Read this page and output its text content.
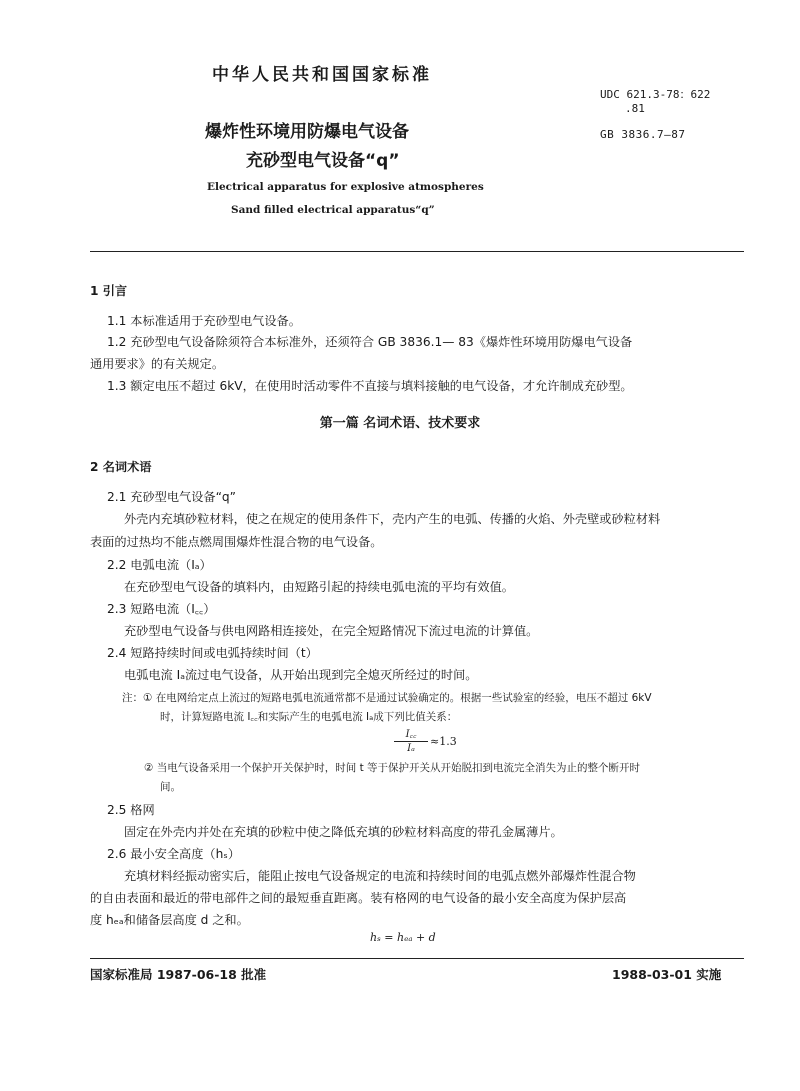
中华人民共和国国家标准
爆炸性环境用防爆电气设备
充砂型电气设备“q”
Electrical apparatus for explosive atmospheres
Sand filled electrical apparatus“q”
UDC 621.3-78：622
.81
GB 3836.7—87
1 引言
1.1 本标准适用于充砂型电气设备。
1.2 充砂型电气设备除须符合本标准外，还须符合 GB 3836.1— 83《爆炸性环境用防爆电气设备
通用要求》的有关规定。
1.3 额定电压不超过 6kV，在使用时活动零件不直接与填料接触的电气设备，才允许制成充砂型。
第一篇 名词术语、技术要求
2 名词术语
2.1 充砂型电气设备“q”
外壳内充填砂粒材料，使之在规定的使用条件下，壳内产生的电弧、传播的火焰、外壳壁或砂粒材料
表面的过热均不能点燃周围爆炸性混合物的电气设备。
2.2 电弧电流（Iₐ）
在充砂型电气设备的填料内，由短路引起的持续电弧电流的平均有效值。
2.3 短路电流（I꜀꜀）
充砂型电气设备与供电网路相连接处，在完全短路情况下流过电流的计算值。
2.4 短路持续时间或电弧持续时间（t）
电弧电流 Iₐ流过电气设备，从开始出现到完全熄灭所经过的时间。
注：① 在电网给定点上流过的短路电弧电流通常都不是通过试验确定的。根据一些试验室的经验，电压不超过 6kV
时，计算短路电流 I꜀꜀和实际产生的电弧电流 Iₐ成下列比值关系：
$\frac{I꜀꜀}{\text{Iₐ}} \approx 1.3$
② 当电气设备采用一个保护开关保护时，时间 t 等于保护开关从开始脱扣到电流完全消失为止的整个断开时
间。
2.5 格网
固定在外壳内并处在充填的砂粒中使之降低充填的砂粒材料高度的带孔金属薄片。
2.6 最小安全高度（hₛ）
充填材料经振动密实后，能阻止按电气设备规定的电流和持续时间的电弧点燃外部爆炸性混合物
的自由表面和最近的带电部件之间的最短垂直距离。装有格网的电气设备的最小安全高度为保护层高
度 hₑₐ和储备层高度 d 之和。
hₛ = hₑₐ + d
国家标准局 1987-06-18 批准	1988-03-01 实施
